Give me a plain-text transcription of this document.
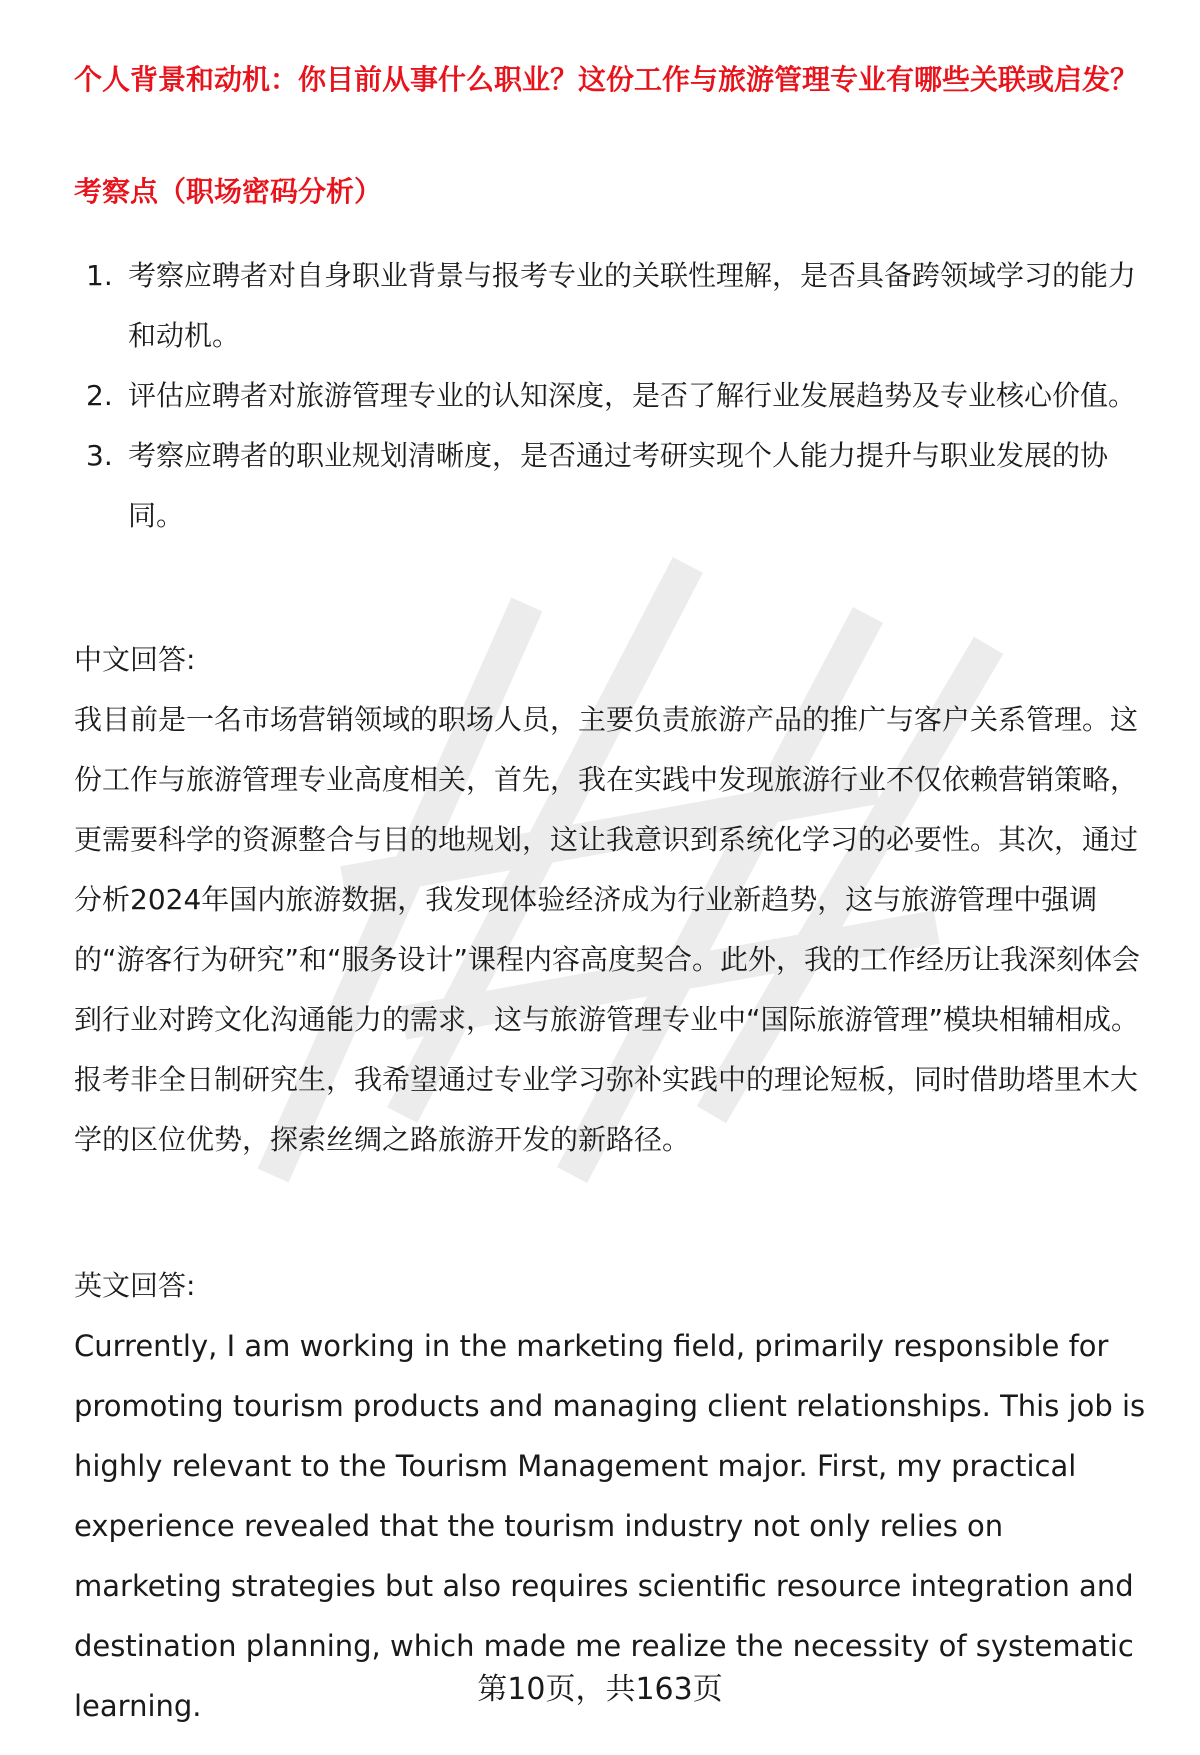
个人背景和动机：你目前从事什么职业？这份工作与旅游管理专业有哪些关联或启发？
考察点（职场密码分析）
1. 考察应聘者对自身职业背景与报考专业的关联性理解，是否具备跨领域学习的能力和动机。
2. 评估应聘者对旅游管理专业的认知深度，是否了解行业发展趋势及专业核心价值。
3. 考察应聘者的职业规划清晰度，是否通过考研实现个人能力提升与职业发展的协同。

中文回答:

我目前是一名市场营销领域的职场人员，主要负责旅游产品的推广与客户关系管理。这份工作与旅游管理专业高度相关，首先，我在实践中发现旅游行业不仅依赖营销策略，更需要科学的资源整合与目的地规划，这让我意识到系统化学习的必要性。其次，通过分析2024年国内旅游数据，我发现体验经济成为行业新趋势，这与旅游管理中强调的“游客行为研究”和“服务设计”课程内容高度契合。此外，我的工作经历让我深刻体会到行业对跨文化沟通能力的需求，这与旅游管理专业中“国际旅游管理”模块相辅相成。报考非全日制研究生，我希望通过专业学习弥补实践中的理论短板，同时借助塔里木大学的区位优势，探索丝绸之路旅游开发的新路径。

英文回答:

Currently, I am working in the marketing field, primarily responsible for promoting tourism products and managing client relationships. This job is highly relevant to the Tourism Management major. First, my practical experience revealed that the tourism industry not only relies on marketing strategies but also requires scientific resource integration and destination planning, which made me realize the necessity of systematic learning.	第10页，共163页
